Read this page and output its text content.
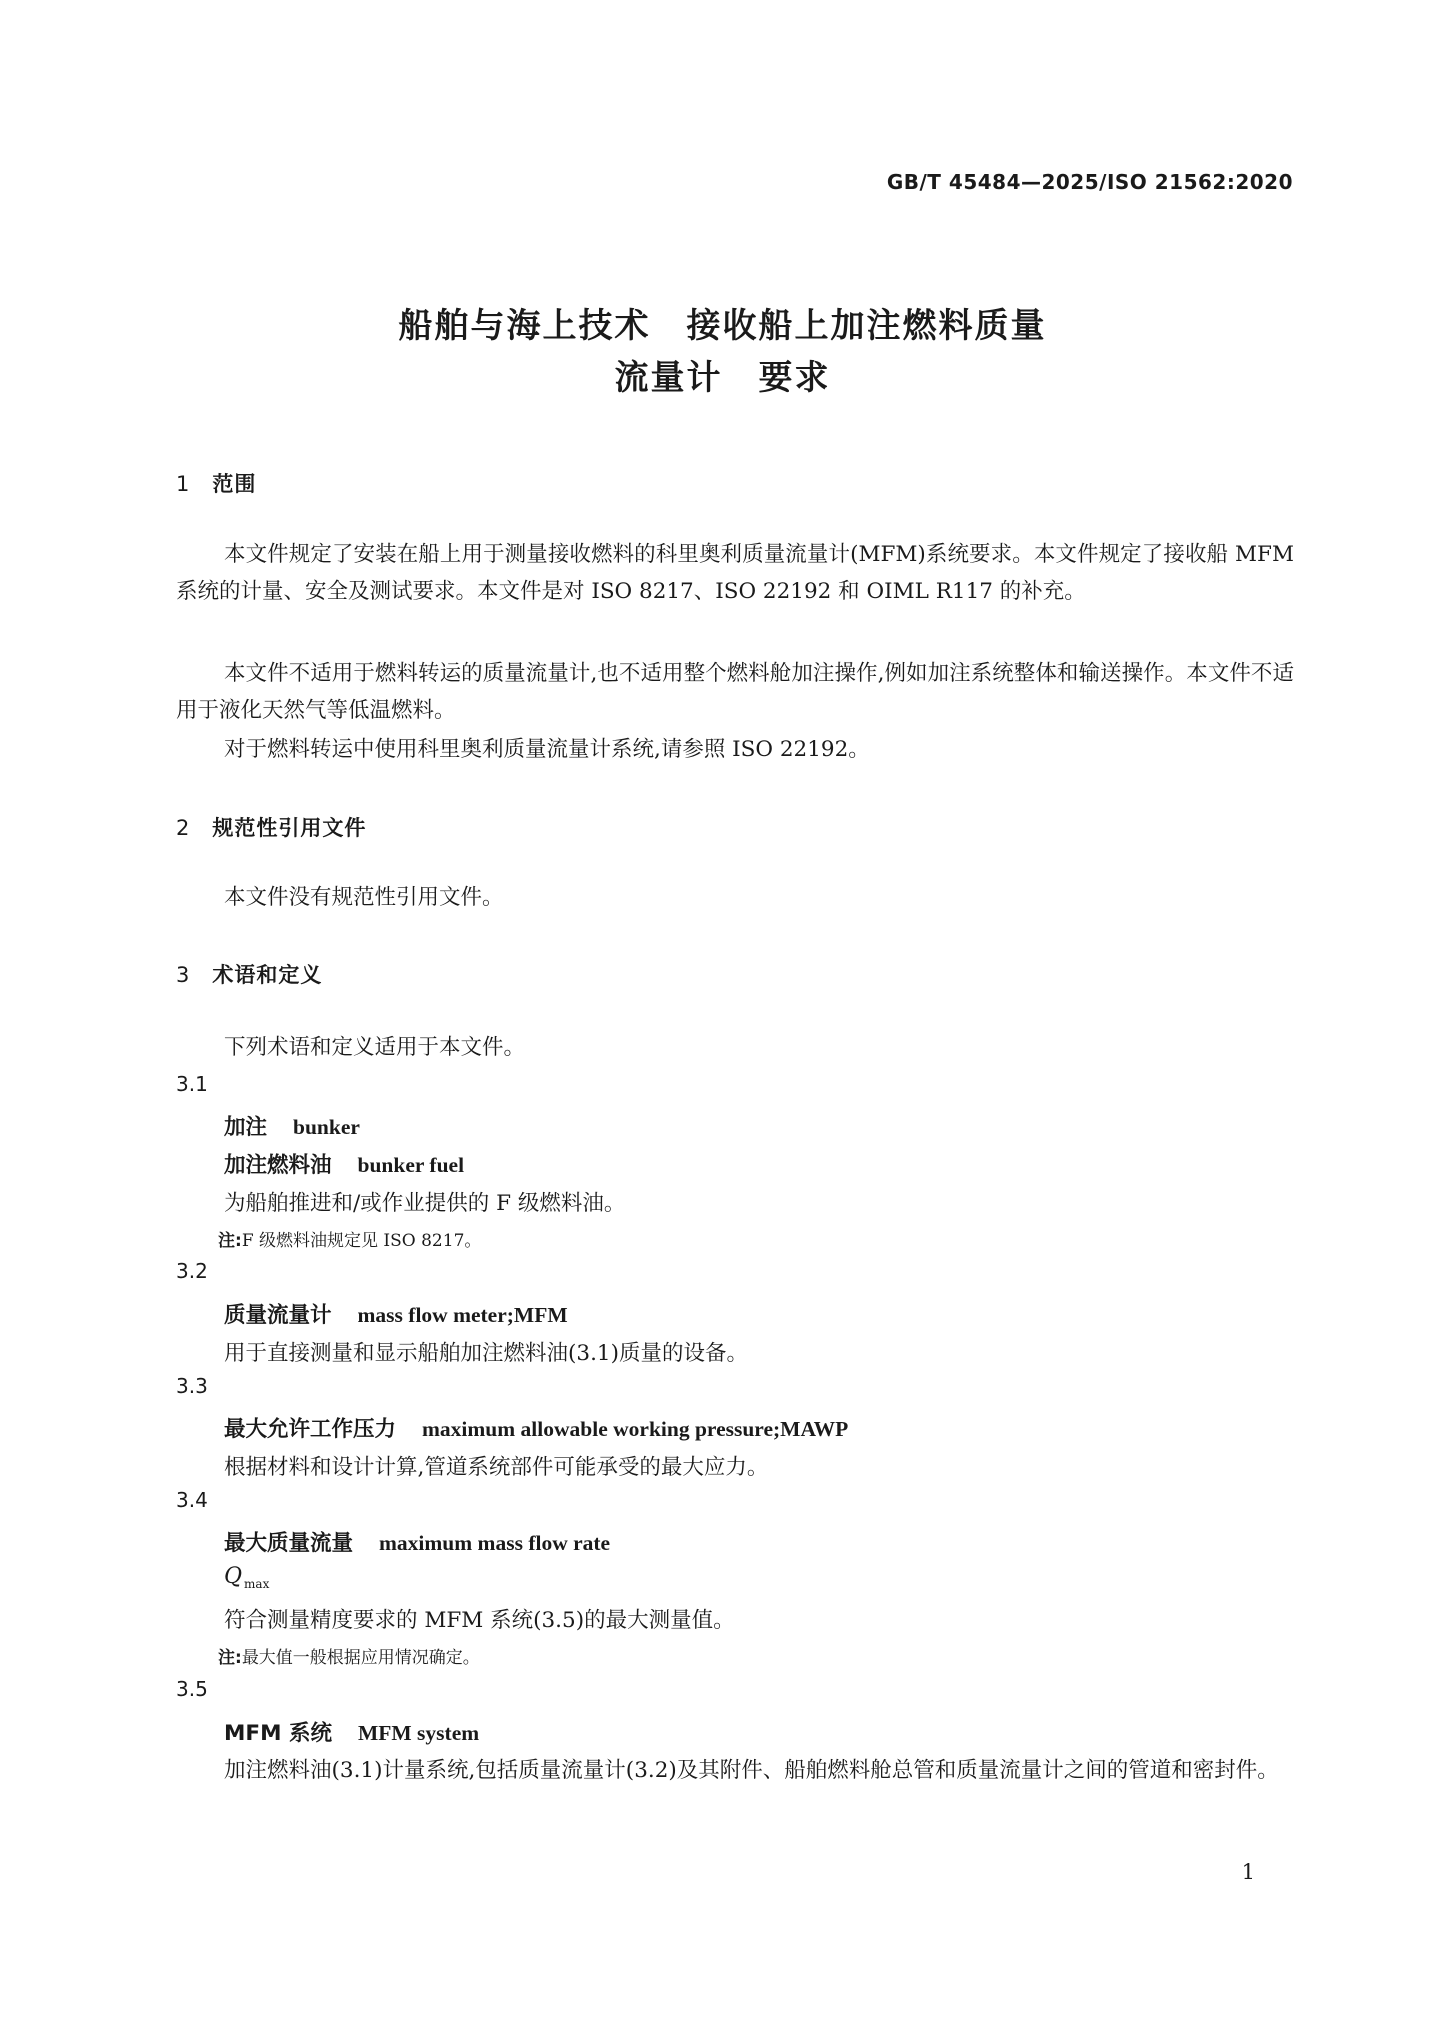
GB/T 45484—2025/ISO 21562:2020
船舶与海上技术　接收船上加注燃料质量
流量计　要求
1 范围
本文件规定了安装在船上用于测量接收燃料的科里奥利质量流量计(MFM)系统要求。本文件规定了接收船 MFM 系统的计量、安全及测试要求。本文件是对 ISO 8217、ISO 22192 和 OIML R117 的补充。
本文件不适用于燃料转运的质量流量计,也不适用整个燃料舱加注操作,例如加注系统整体和输送操作。本文件不适用于液化天然气等低温燃料。
对于燃料转运中使用科里奥利质量流量计系统,请参照 ISO 22192。
2 规范性引用文件
本文件没有规范性引用文件。
3 术语和定义
下列术语和定义适用于本文件。
3.1
加注 bunker
加注燃料油 bunker fuel
为船舶推进和/或作业提供的 F 级燃料油。
注:F 级燃料油规定见 ISO 8217。
3.2
质量流量计 mass flow meter;MFM
用于直接测量和显示船舶加注燃料油(3.1)质量的设备。
3.3
最大允许工作压力 maximum allowable working pressure;MAWP
根据材料和设计计算,管道系统部件可能承受的最大应力。
3.4
最大质量流量 maximum mass flow rate
Q $_{max}$
符合测量精度要求的 MFM 系统(3.5)的最大测量值。
注:最大值一般根据应用情况确定。
3.5
MFM 系统 MFM system
加注燃料油(3.1)计量系统,包括质量流量计(3.2)及其附件、船舶燃料舱总管和质量流量计之间的管道和密封件。
1
